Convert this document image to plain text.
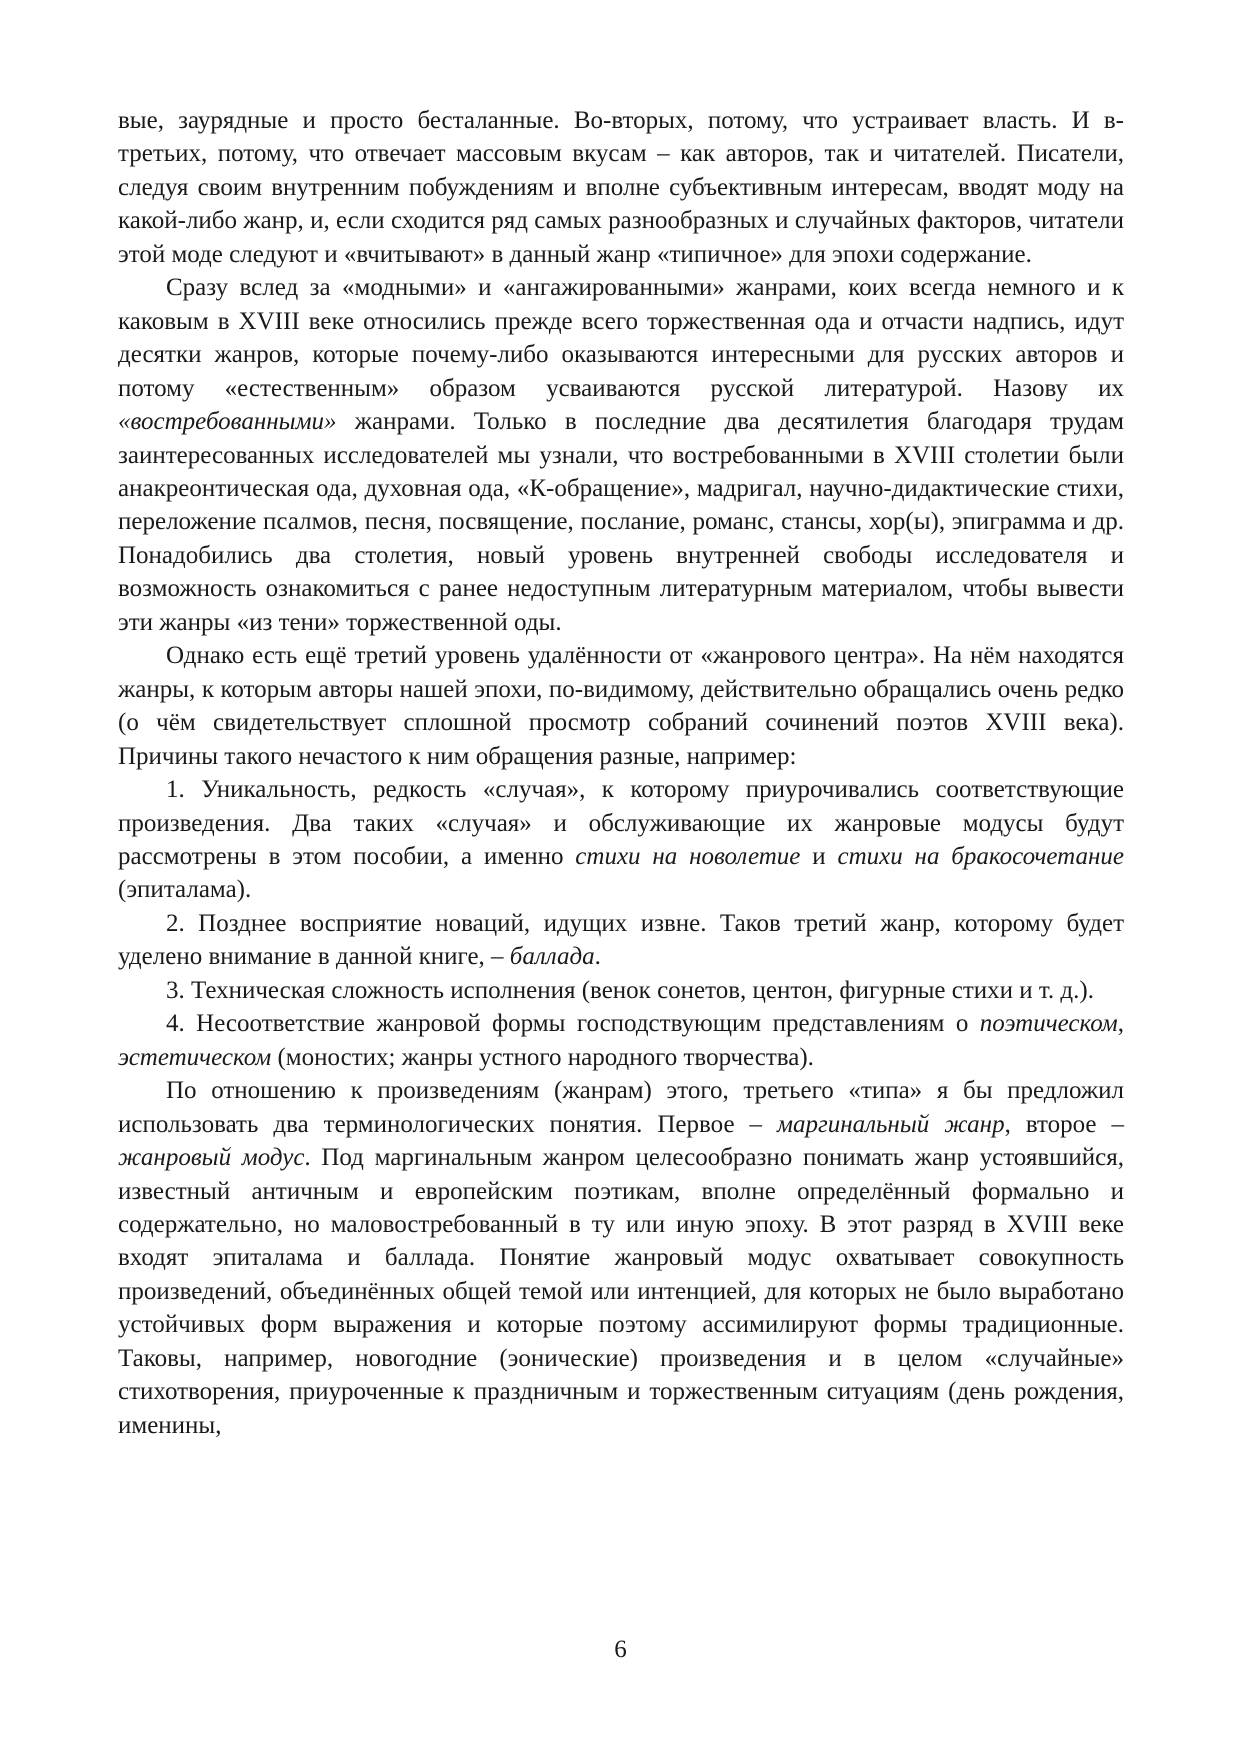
вые, заурядные и просто бесталанные. Во-вторых, потому, что устраивает власть. И в-третьих, потому, что отвечает массовым вкусам – как авторов, так и читателей. Писатели, следуя своим внутренним побуждениям и вполне субъективным интересам, вводят моду на какой-либо жанр, и, если сходится ряд самых разнообразных и случайных факторов, читатели этой моде следуют и «вчитывают» в данный жанр «типичное» для эпохи содержание.

Сразу вслед за «модными» и «ангажированными» жанрами, коих всегда немного и к каковым в XVIII веке относились прежде всего торжественная ода и отчасти надпись, идут десятки жанров, которые почему-либо оказываются интересными для русских авторов и потому «естественным» образом усваиваются русской литературой. Назову их «востребованными» жанрами. Только в последние два десятилетия благодаря трудам заинтересованных исследователей мы узнали, что востребованными в XVIII столетии были анакреонтическая ода, духовная ода, «К-обращение», мадригал, научно-дидактические стихи, переложение псалмов, песня, посвящение, послание, романс, стансы, хор(ы), эпиграмма и др. Понадобились два столетия, новый уровень внутренней свободы исследователя и возможность ознакомиться с ранее недоступным литературным материалом, чтобы вывести эти жанры «из тени» торжественной оды.

Однако есть ещё третий уровень удалённости от «жанрового центра». На нём находятся жанры, к которым авторы нашей эпохи, по-видимому, действительно обращались очень редко (о чём свидетельствует сплошной просмотр собраний сочинений поэтов XVIII века). Причины такого нечастого к ним обращения разные, например:

1. Уникальность, редкость «случая», к которому приурочивались соответствующие произведения. Два таких «случая» и обслуживающие их жанровые модусы будут рассмотрены в этом пособии, а именно стихи на новолетие и стихи на бракосочетание (эпиталама).

2. Позднее восприятие новаций, идущих извне. Таков третий жанр, которому будет уделено внимание в данной книге, – баллада.

3. Техническая сложность исполнения (венок сонетов, центон, фигурные стихи и т. д.).

4. Несоответствие жанровой формы господствующим представлениям о поэтическом, эстетическом (моностих; жанры устного народного творчества).

По отношению к произведениям (жанрам) этого, третьего «типа» я бы предложил использовать два терминологических понятия. Первое – маргинальный жанр, второе – жанровый модус. Под маргинальным жанром целесообразно понимать жанр устоявшийся, известный античным и европейским поэтикам, вполне определённый формально и содержательно, но маловостребованный в ту или иную эпоху. В этот разряд в XVIII веке входят эпиталама и баллада. Понятие жанровый модус охватывает совокупность произведений, объединённых общей темой или интенцией, для которых не было выработано устойчивых форм выражения и которые поэтому ассимилируют формы традиционные. Таковы, например, новогодние (эонические) произведения и в целом «случайные» стихотворения, приуроченные к праздничным и торжественным ситуациям (день рождения, именины,

6
